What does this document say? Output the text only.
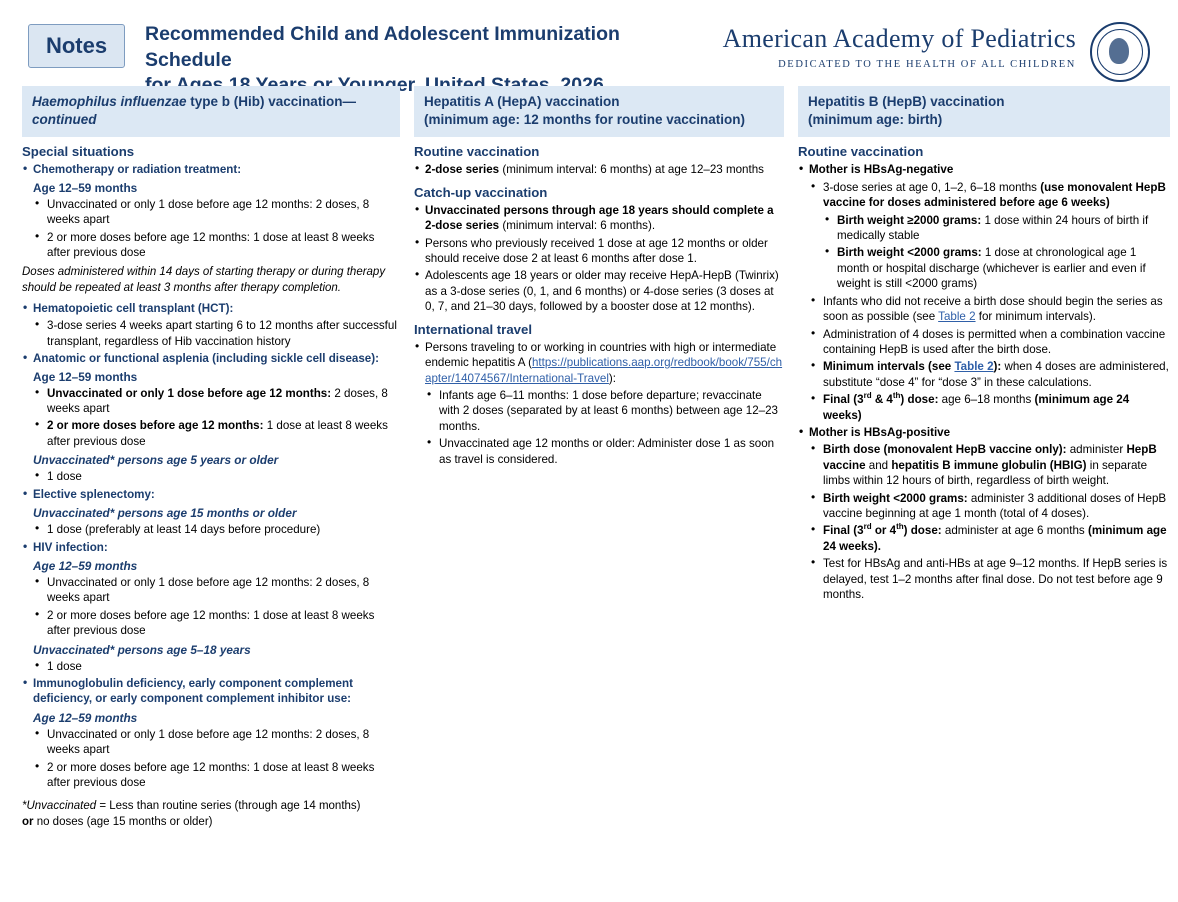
Notes	Recommended Child and Adolescent Immunization Schedule
American Academy of Pediatrics
DEDICATED TO THE HEALTH OF ALL CHILDREN
Haemophilus influenzae type b (Hib) vaccination—
continued
Special situations
• Chemotherapy or radiation treatment:
Age 12–59 months
• Unvaccinated or only 1 dose before age 12 months: 2 doses, 8 weeks apart
• 2 or more doses before age 12 months: 1 dose at least 8 weeks after previous dose
Doses administered within 14 days of starting therapy or during therapy should be repeated at least 3 months after therapy completion.
• Hematopoietic cell transplant (HCT):
• 3-dose series 4 weeks apart starting 6 to 12 months after successful transplant, regardless of Hib vaccination history
• Anatomic or functional asplenia (including sickle cell disease):
Age 12–59 months
• Unvaccinated or only 1 dose before age 12 months: 2 doses, 8 weeks apart
• 2 or more doses before age 12 months: 1 dose at least 8 weeks after previous dose
Unvaccinated* persons age 5 years or older
• 1 dose
• Elective splenectomy:
Unvaccinated* persons age 15 months or older
• 1 dose (preferably at least 14 days before procedure)
• HIV infection:
Age 12–59 months
• Unvaccinated or only 1 dose before age 12 months: 2 doses, 8 weeks apart
• 2 or more doses before age 12 months: 1 dose at least 8 weeks after previous dose
Unvaccinated* persons age 5–18 years
• 1 dose
• Immunoglobulin deficiency, early component complement deficiency, or early component complement inhibitor use:
Age 12–59 months
• Unvaccinated or only 1 dose before age 12 months: 2 doses, 8 weeks apart
• 2 or more doses before age 12 months: 1 dose at least 8 weeks after previous dose
*Unvaccinated = Less than routine series (through age 14 months)
or no doses (age 15 months or older)
Hepatitis A (HepA) vaccination
(minimum age: 12 months for routine vaccination)
Routine vaccination
• 2-dose series (minimum interval: 6 months) at age 12–23 months
Catch-up vaccination
• Unvaccinated persons through age 18 years should complete a 2-dose series (minimum interval: 6 months).
• Persons who previously received 1 dose at age 12 months or older should receive dose 2 at least 6 months after dose 1.
• Adolescents age 18 years or older may receive HepA-HepB (Twinrix) as a 3-dose series (0, 1, and 6 months) or 4-dose series (3 doses at 0, 7, and 21–30 days, followed by a booster dose at 12 months).
International travel
• Persons traveling to or working in countries with high or intermediate endemic hepatitis A (https://publications.aap.org/redbook/book/755/chapter/14074567/International-Travel):
• Infants age 6–11 months: 1 dose before departure; revaccinate with 2 doses (separated by at least 6 months) between age 12–23 months.
• Unvaccinated age 12 months or older: Administer dose 1 as soon as travel is considered.
Hepatitis B (HepB) vaccination
(minimum age: birth)
Routine vaccination
• Mother is HBsAg-negative
• 3-dose series at age 0, 1–2, 6–18 months (use monovalent HepB vaccine for doses administered before age 6 weeks)
• Birth weight ≥2000 grams: 1 dose within 24 hours of birth if medically stable
• Birth weight <2000 grams: 1 dose at chronological age 1 month or hospital discharge (whichever is earlier and even if weight is still <2000 grams)
• Infants who did not receive a birth dose should begin the series as soon as possible (see Table 2 for minimum intervals).
• Administration of 4 doses is permitted when a combination vaccine containing HepB is used after the birth dose.
• Minimum intervals (see Table 2): when 4 doses are administered, substitute “dose 4” for “dose 3” in these calculations.
• Final (3rd & 4th) dose: age 6–18 months (minimum age 24 weeks)
• Mother is HBsAg-positive
• Birth dose (monovalent HepB vaccine only): administer HepB vaccine and hepatitis B immune globulin (HBIG) in separate limbs within 12 hours of birth, regardless of birth weight.
• Birth weight <2000 grams: administer 3 additional doses of HepB vaccine beginning at age 1 month (total of 4 doses).
• Final (3rd or 4th) dose: administer at age 6 months (minimum age 24 weeks).
• Test for HBsAg and anti-HBs at age 9–12 months. If HepB series is delayed, test 1–2 months after final dose. Do not test before age 9 months.
